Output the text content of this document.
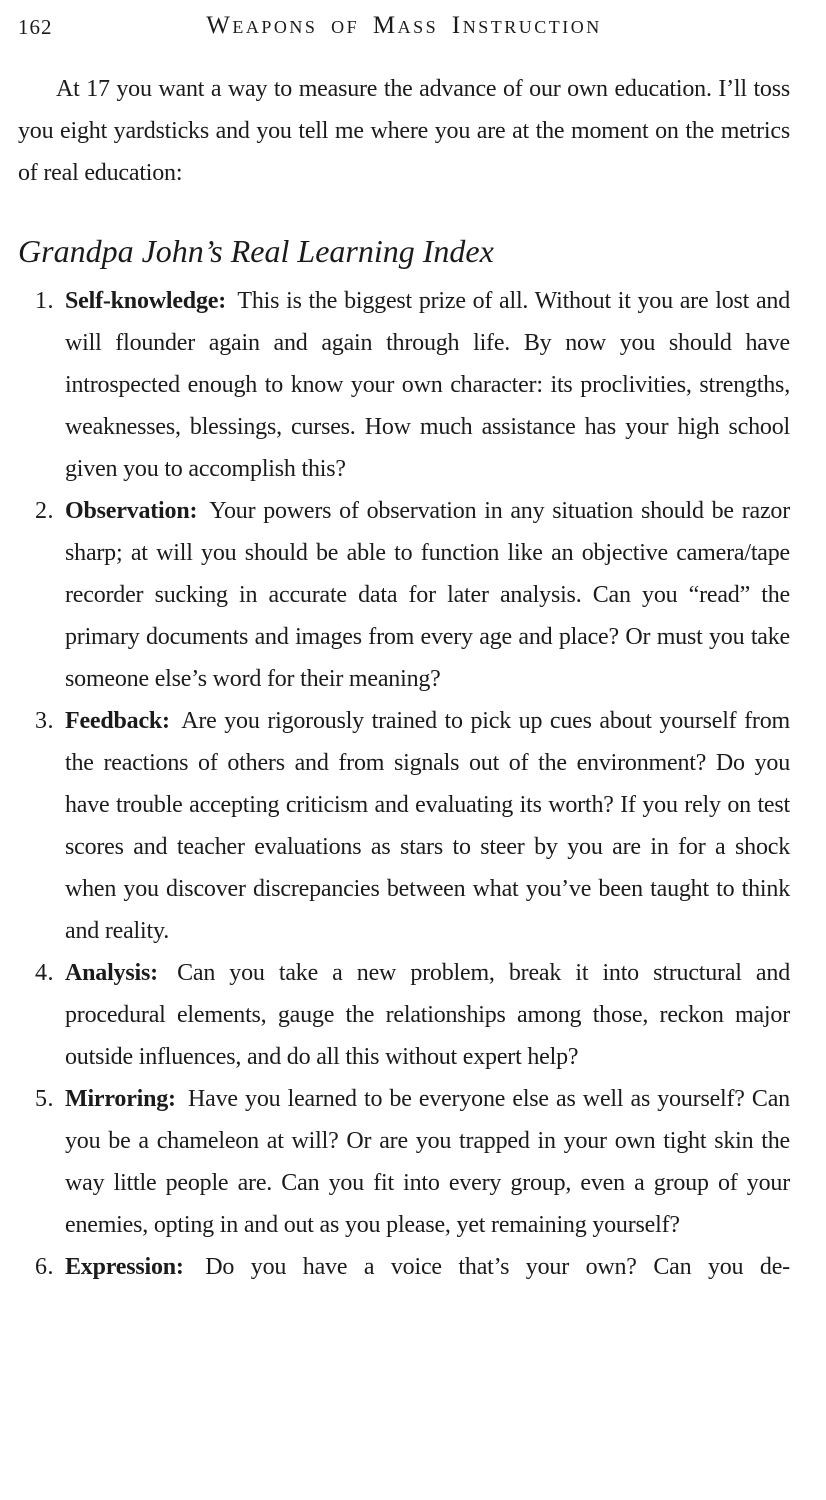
162	Weapons of Mass Instruction

At 17 you want a way to measure the advance of our own education. I’ll toss you eight yardsticks and you tell me where you are at the moment on the metrics of real education:

Grandpa John’s Real Learning Index
1. Self-knowledge: This is the biggest prize of all. Without it you are lost and will flounder again and again through life. By now you should have introspected enough to know your own character: its proclivities, strengths, weaknesses, blessings, curses. How much assistance has your high school given you to accomplish this?
2. Observation: Your powers of observation in any situation should be razor sharp; at will you should be able to function like an objective camera/tape recorder sucking in accurate data for later analysis. Can you “read” the primary documents and images from every age and place? Or must you take someone else’s word for their meaning?
3. Feedback: Are you rigorously trained to pick up cues about yourself from the reactions of others and from signals out of the environment? Do you have trouble accepting criticism and evaluating its worth? If you rely on test scores and teacher evaluations as stars to steer by you are in for a shock when you discover discrepancies between what you’ve been taught to think and reality.
4. Analysis: Can you take a new problem, break it into structural and procedural elements, gauge the relationships among those, reckon major outside influences, and do all this without expert help?
5. Mirroring: Have you learned to be everyone else as well as yourself? Can you be a chameleon at will? Or are you trapped in your own tight skin the way little people are. Can you fit into every group, even a group of your enemies, opting in and out as you please, yet remaining yourself?
6. Expression: Do you have a voice that’s your own? Can you de-
